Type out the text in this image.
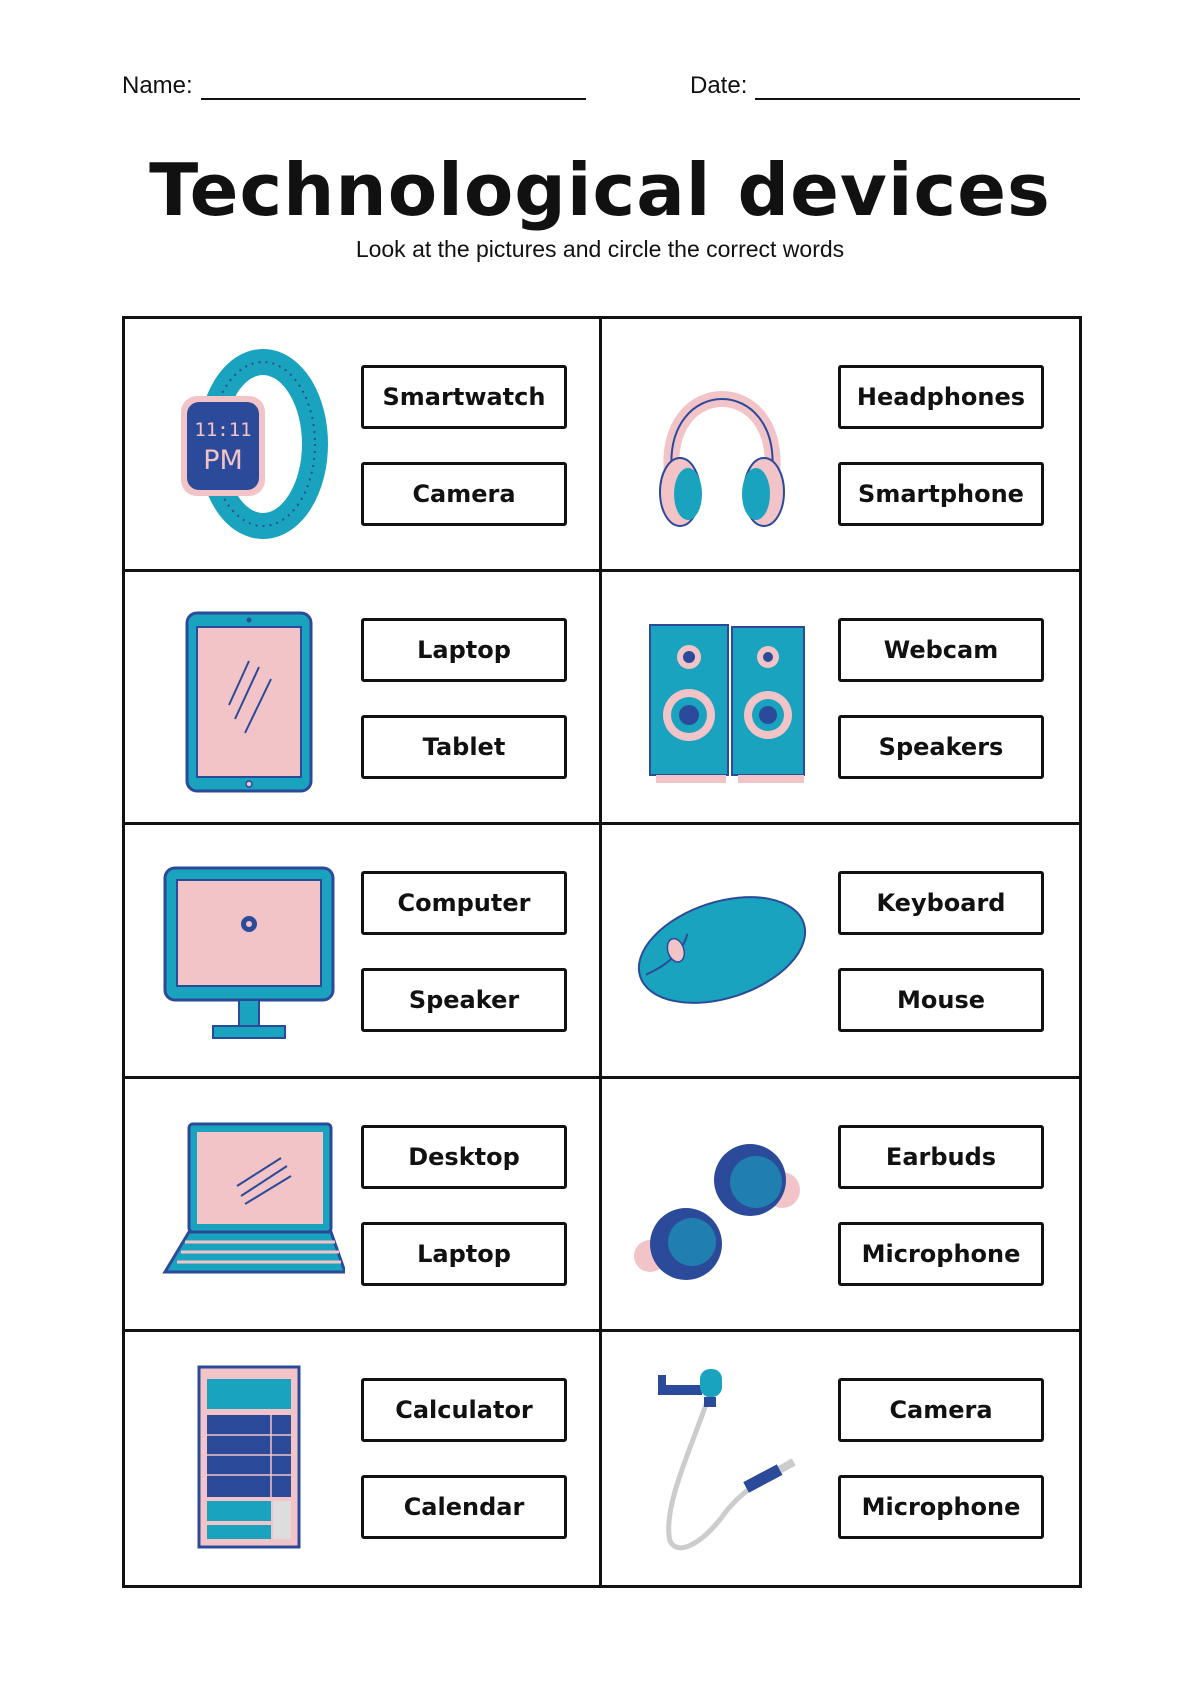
Name:	Date:
Technological devices
Look at the pictures and circle the correct words
11:11
PM
Smartwatch
Camera
Headphones
Smartphone
Laptop
Tablet
Webcam
Speakers
Computer
Speaker
Keyboard
Mouse
Desktop
Laptop
Earbuds
Microphone
Calculator
Calendar
Camera
Microphone
